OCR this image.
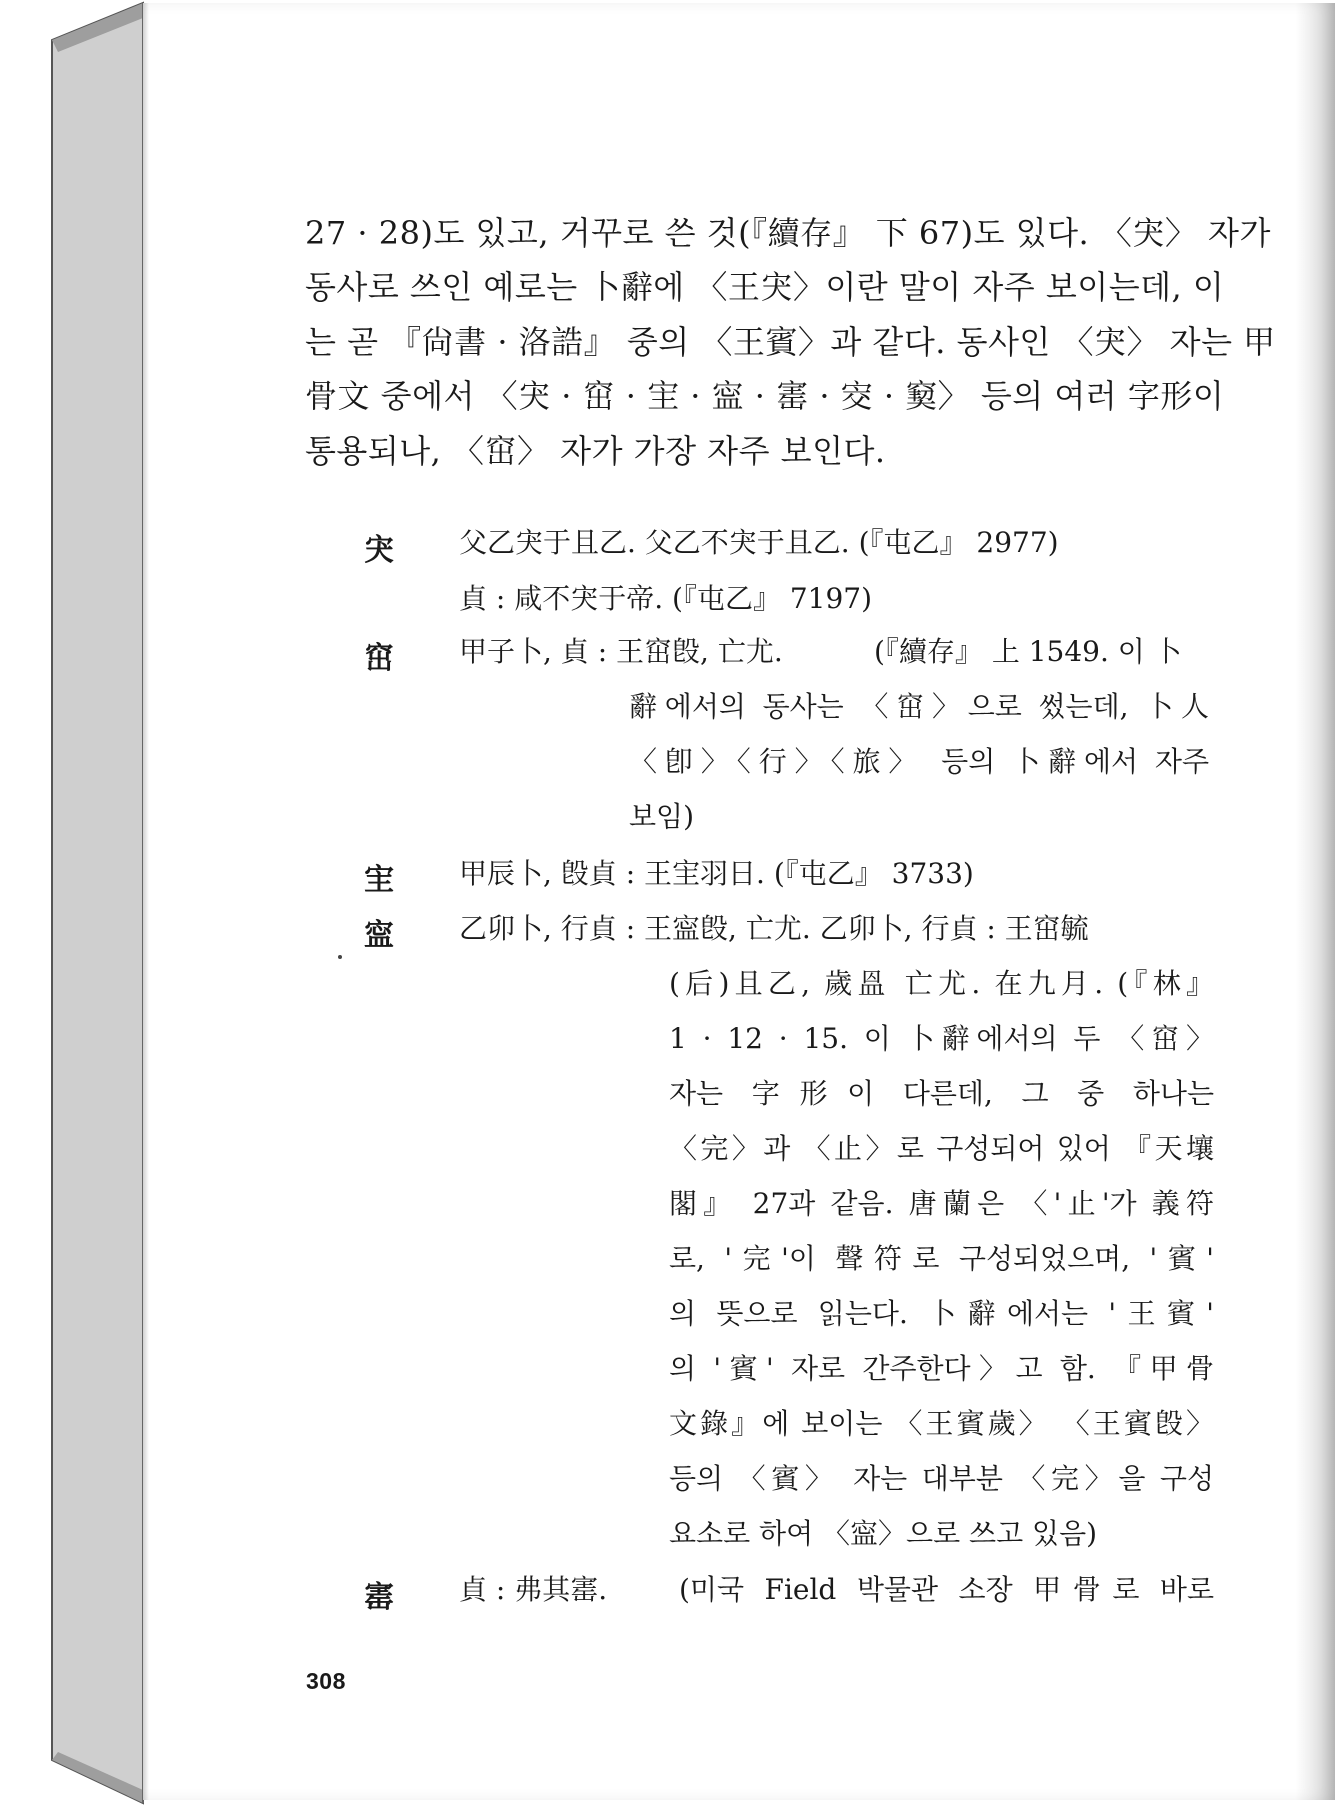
27 · 28)도 있고, 거꾸로 쓴 것(『續存』 下 67)도 있다. 〈宊〉 자가
동사로 쓰인 예로는 卜辭에 〈王宊〉이란 말이 자주 보이는데, 이
는 곧 『尙書 · 洛誥』 중의 〈王賓〉과 같다. 동사인 〈宊〉 자는 甲
骨文 중에서 〈宊 · 窋 · 宔 · 寍 · 寚 · 㝔 · 窫〉 등의 여러 字形이
통용되나, 〈窋〉 자가 가장 자주 보인다.
宊 父乙宊于且乙. 父乙不宊于且乙. (『屯乙』 2977)
貞 : 咸不宊于帝. (『屯乙』 7197)
窋 甲子卜, 貞 : 王窋𣪘, 亡尤.	(『續存』 上 1549. 이 卜
辭에서의 동사는 〈窋〉으로 썼는데, 卜人
〈卽〉〈行〉〈旅〉 등의 卜辭에서 자주
보임)
宔 甲辰卜, 𣪘貞 : 王宔羽日. (『屯乙』 3733)
寍 乙卯卜, 行貞 : 王寍𣪘, 亡尤. 乙卯卜, 行貞 : 王窋毓
(后)且乙, 歲𥁕 亡尤. 在九月. (『林』
1 · 12 · 15. 이 卜辭에서의 두 〈窋〉
자는 字形이 다른데, 그 중 하나는
〈完〉과 〈止〉로 구성되어 있어 『天壤
閣』 27과 같음. 唐蘭은 〈'止'가 義符
로, '完'이 聲符로 구성되었으며, '賓'
의 뜻으로 읽는다. 卜辭에서는 '王賓'
의 '賓' 자로 간주한다〉고 함. 『甲骨
文錄』에 보이는 〈王賓歲〉 〈王賓𣪘〉
등의 〈賓〉 자는 대부분 〈完〉을 구성
요소로 하여 〈寍〉으로 쓰고 있음)
寚 貞 : 弗其寚.	(미국 Field 박물관 소장 甲骨로 바로
308
